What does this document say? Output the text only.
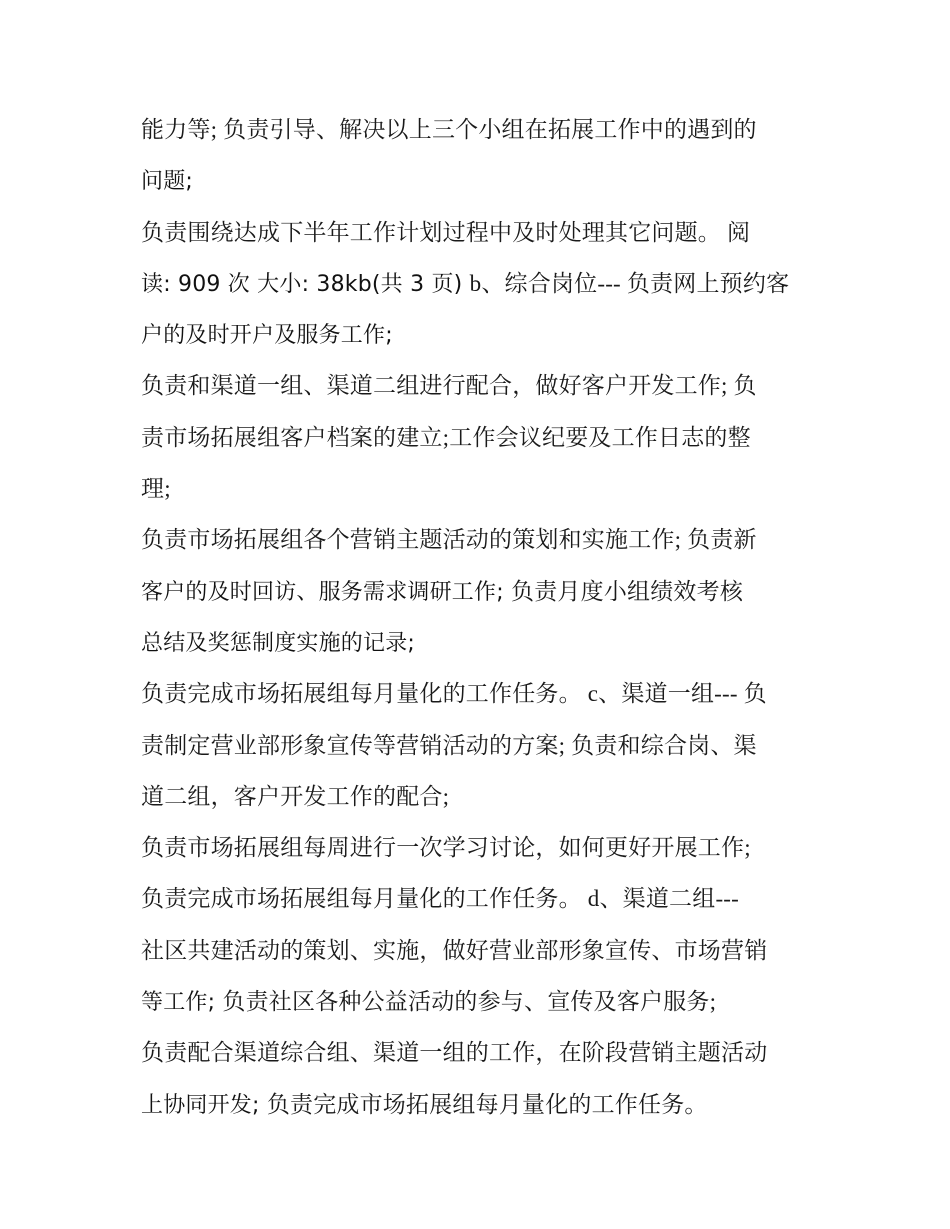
能力等; 负责引导、解决以上三个小组在拓展工作中的遇到的
问题;
负责围绕达成下半年工作计划过程中及时处理其它问题。 阅
读: 909 次 大小: 38kb(共 3 页) b、综合岗位--- 负责网上预约客
户的及时开户及服务工作;
负责和渠道一组、渠道二组进行配合，做好客户开发工作; 负
责市场拓展组客户档案的建立;工作会议纪要及工作日志的整
理;
负责市场拓展组各个营销主题活动的策划和实施工作; 负责新
客户的及时回访、服务需求调研工作; 负责月度小组绩效考核
总结及奖惩制度实施的记录;
负责完成市场拓展组每月量化的工作任务。 c、渠道一组--- 负
责制定营业部形象宣传等营销活动的方案; 负责和综合岗、渠
道二组，客户开发工作的配合;
负责市场拓展组每周进行一次学习讨论，如何更好开展工作;
负责完成市场拓展组每月量化的工作任务。 d、渠道二组---
社区共建活动的策划、实施，做好营业部形象宣传、市场营销
等工作; 负责社区各种公益活动的参与、宣传及客户服务;
负责配合渠道综合组、渠道一组的工作，在阶段营销主题活动
上协同开发; 负责完成市场拓展组每月量化的工作任务。
